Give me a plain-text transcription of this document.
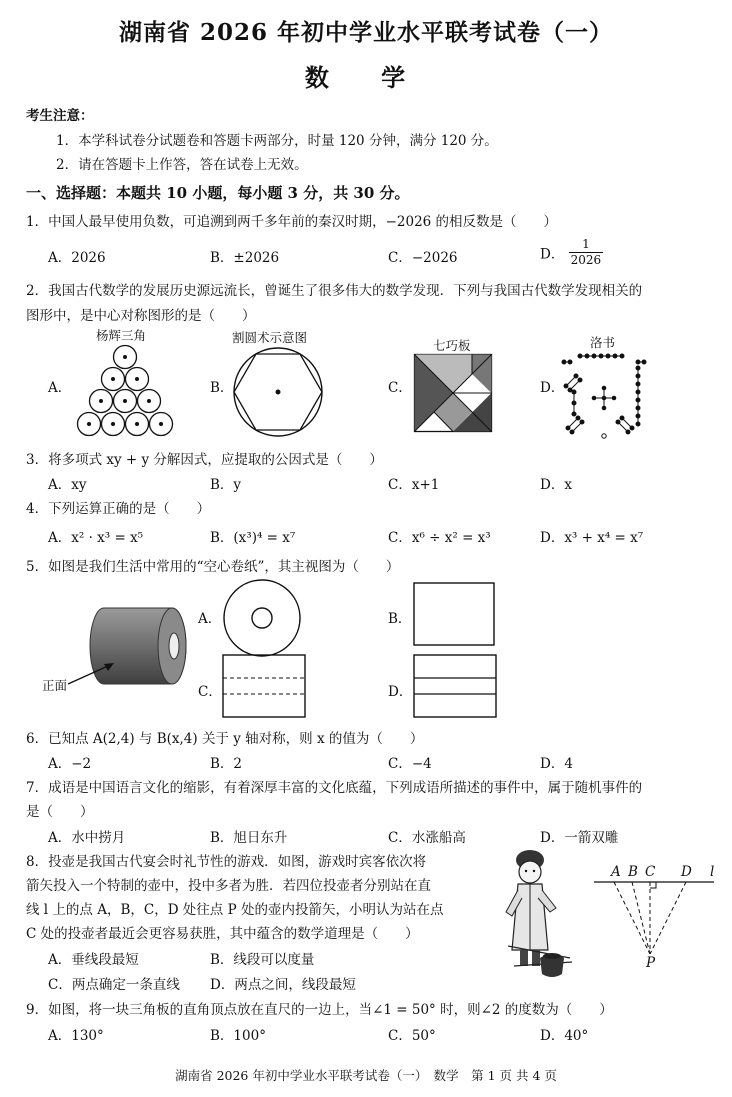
湖南省 2026 年初中学业水平联考试卷（一）
数 学
考生注意：
1．本学科试卷分试题卷和答题卡两部分，时量 120 分钟，满分 120 分。
2．请在答题卡上作答，答在试卷上无效。
一、选择题：本题共 10 小题，每小题 3 分，共 30 分。
1．中国人最早使用负数，可追溯到两千多年前的秦汉时期，−2026 的相反数是（　　）
A．2026	B．±2026	C．−2026	D． $\frac{1}{2026}$
2．我国古代数学的发展历史源远流长，曾诞生了很多伟大的数学发现．下列与我国古代数学发现相关的
图形中，是中心对称图形的是（　　）
杨辉三角	割圆术示意图
七巧板	洛书
A．	B．	C．	D．
3．将多项式 xy + y 分解因式，应提取的公因式是（　　）
A．xy	B．y	C．x+1	D．x
4．下列运算正确的是（　　）
A．x² · x³ = x⁵	B．(x³)⁴ = x⁷	C．x⁶ ÷ x² = x³	D．x³ + x⁴ = x⁷
5．如图是我们生活中常用的“空心卷纸”，其主视图为（　　）
正面
A．	B．
C．	D．
6．已知点 A(2,4) 与 B(x,4) 关于 y 轴对称，则 x 的值为（　　）
A．−2	B．2	C．−4	D．4
7．成语是中国语言文化的缩影，有着深厚丰富的文化底蕴，下列成语所描述的事件中，属于随机事件的
是（　　）
A．水中捞月	B．旭日东升	C．水涨船高	D．一箭双雕
8．投壶是我国古代宴会时礼节性的游戏．如图，游戏时宾客依次将
箭矢投入一个特制的壶中，投中多者为胜．若四位投壶者分别站在直
线 l 上的点 A，B，C，D 处往点 P 处的壶内投箭矢，小明认为站在点
C 处的投壶者最近会更容易获胜，其中蕴含的数学道理是（　　）
A．垂线段最短	B．线段可以度量
C．两点确定一条直线 D．两点之间，线段最短
A B C D l
P
9．如图，将一块三角板的直角顶点放在直尺的一边上，当∠1 = 50° 时，则∠2 的度数为（　　）
A．130°	B．100°	C．50°	D．40°
湖南省 2026 年初中学业水平联考试卷（一）　数学　第 1 页 共 4 页
